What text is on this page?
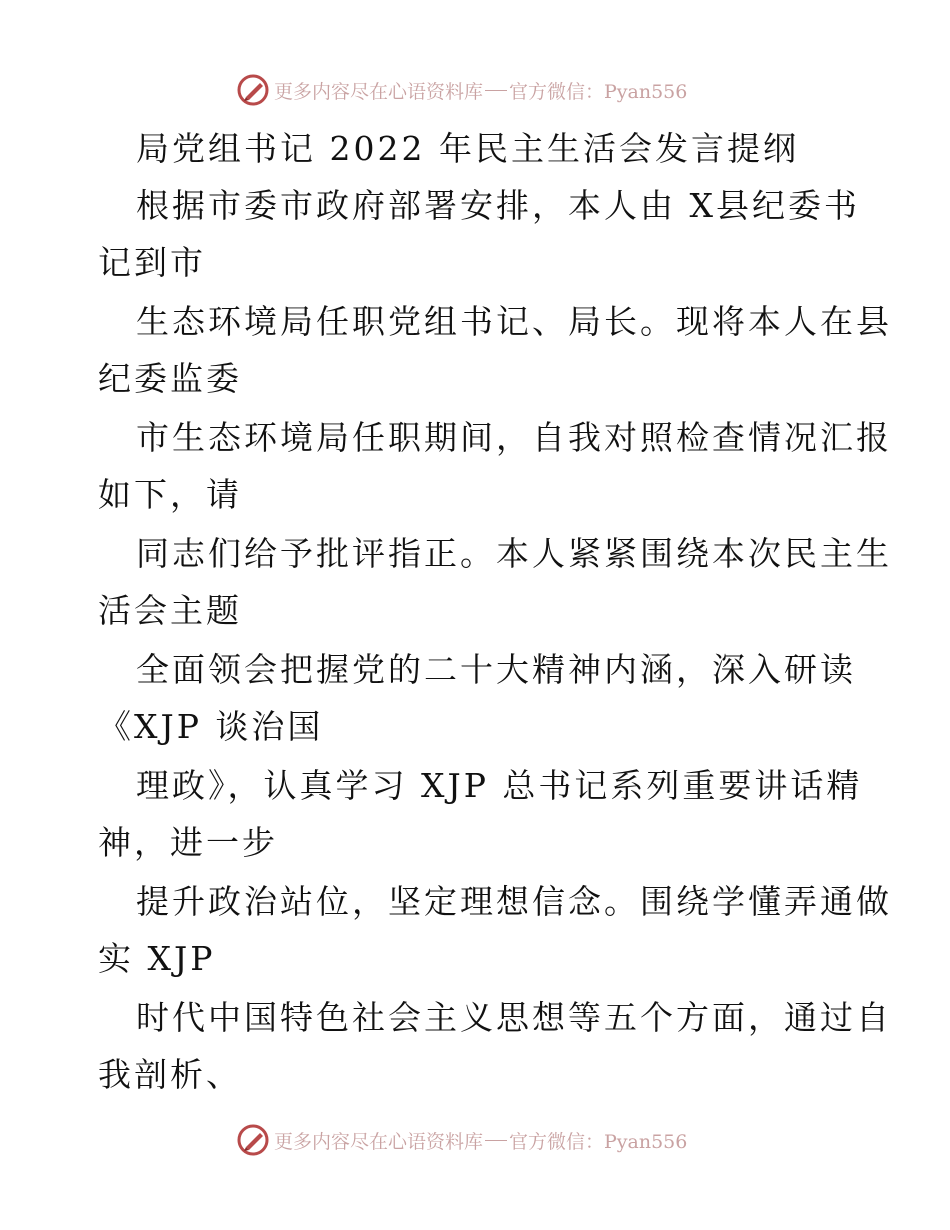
更多内容尽在心语资料库 官方微信：Pyan556
局党组书记 2022 年民主生活会发言提纲
根据市委市政府部署安排，本人由 X县纪委书
记到市
生态环境局任职党组书记、局长。现将本人在县
纪委监委
市生态环境局任职期间，自我对照检查情况汇报
如下，请
同志们给予批评指正。本人紧紧围绕本次民主生
活会主题
全面领会把握党的二十大精神内涵，深入研读
《XJP 谈治国
理政》，认真学习 XJP 总书记系列重要讲话精
神，进一步
提升政治站位，坚定理想信念。围绕学懂弄通做
实 XJP
时代中国特色社会主义思想等五个方面，通过自
我剖析、
更多内容尽在心语资料库 官方微信：Pyan556
